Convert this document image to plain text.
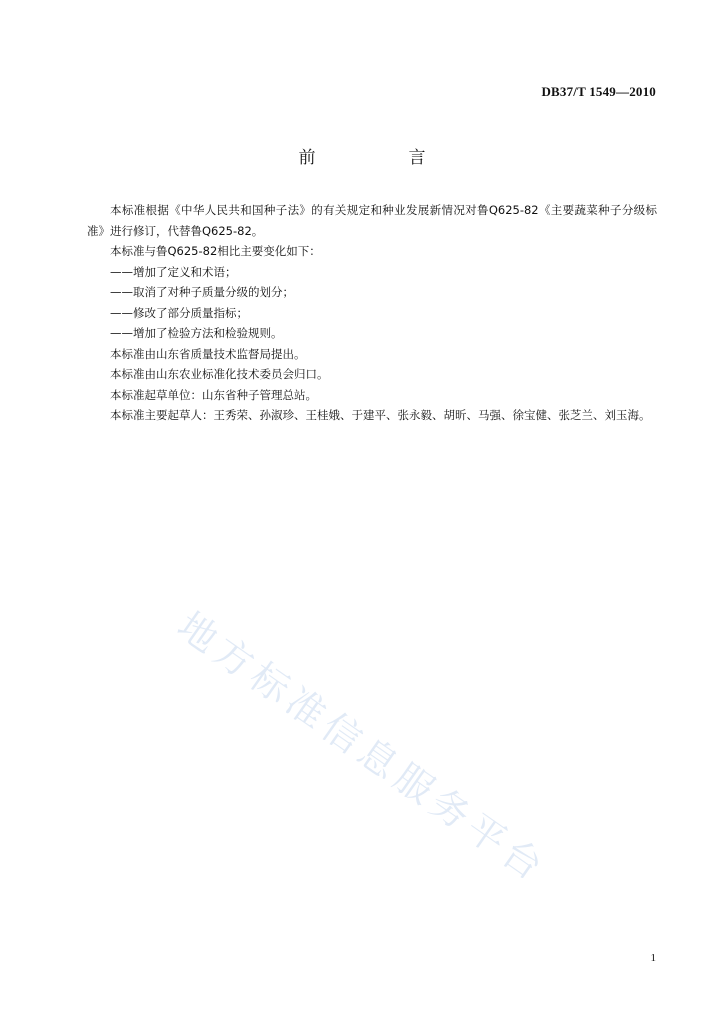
DB37/T 1549—2010
前　言

本标准根据《中华人民共和国种子法》的有关规定和种业发展新情况对鲁Q625-82《主要蔬菜种子分级标准》进行修订，代替鲁Q625-82。

本标准与鲁Q625-82相比主要变化如下：

——增加了定义和术语；

——取消了对种子质量分级的划分；

——修改了部分质量指标；

——增加了检验方法和检验规则。

本标准由山东省质量技术监督局提出。

本标准由山东农业标准化技术委员会归口。

本标准起草单位：山东省种子管理总站。

本标准主要起草人：王秀荣、孙淑珍、王桂娥、于建平、张永毅、胡昕、马强、徐宝健、张芝兰、刘玉海。

地方标准信息服务平台
1
